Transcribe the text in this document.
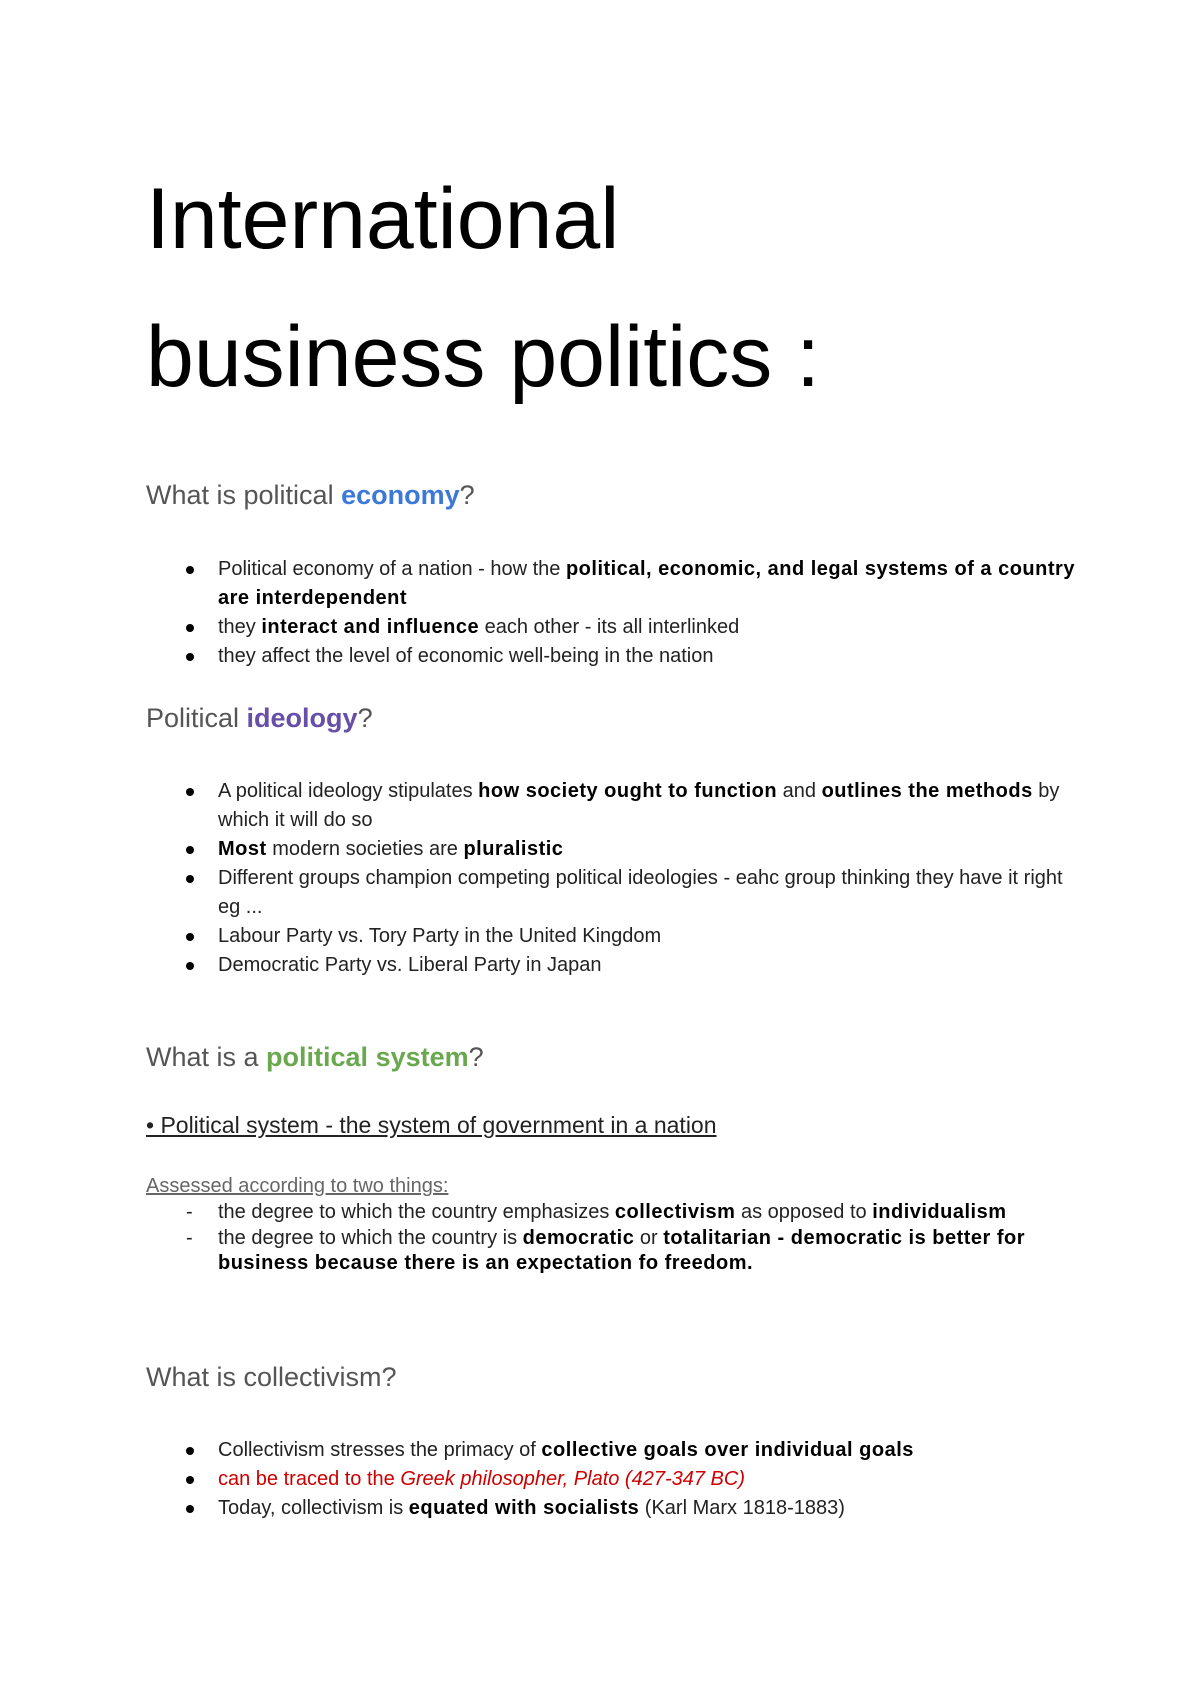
International
business politics :
What is political economy?
Political economy of a nation - how the political, economic, and legal systems of a country are interdependent
they interact and influence each other - its all interlinked
they affect the level of economic well-being in the nation
Political ideology?
A political ideology stipulates how society ought to function and outlines the methods by which it will do so
Most modern societies are pluralistic
Different groups champion competing political ideologies - eahc group thinking they have it right eg ...
Labour Party vs. Tory Party in the United Kingdom
Democratic Party vs. Liberal Party in Japan
What is a political system?

• Political system - the system of government in a nation

Assessed according to two things:

- the degree to which the country emphasizes collectivism as opposed to individualism
- the degree to which the country is democratic or totalitarian - democratic is better for business because there is an expectation fo freedom.
What is collectivism?
Collectivism stresses the primacy of collective goals over individual goals
can be traced to the Greek philosopher, Plato (427-347 BC)
Today, collectivism is equated with socialists (Karl Marx 1818-1883)
